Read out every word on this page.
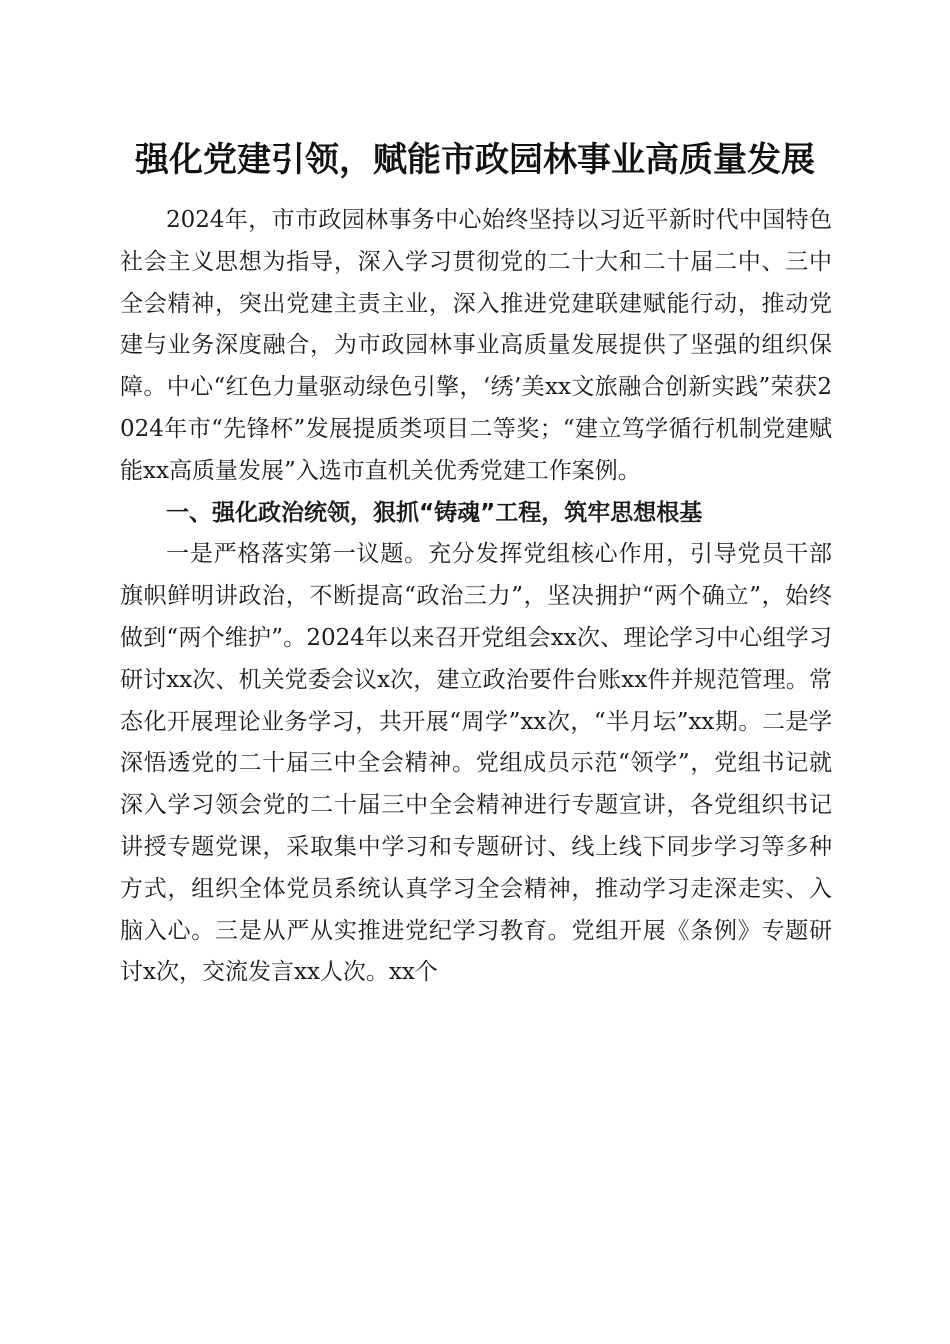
强化党建引领，赋能市政园林事业高质量发展

2024年，市市政园林事务中心始终坚持以习近平新时代中国特色社会主义思想为指导，深入学习贯彻党的二十大和二十届二中、三中全会精神，突出党建主责主业，深入推进党建联建赋能行动，推动党建与业务深度融合，为市政园林事业高质量发展提供了坚强的组织保障。中心“红色力量驱动绿色引擎，‘绣’美xx文旅融合创新实践”荣获2024年市“先锋杯”发展提质类项目二等奖；“建立笃学循行机制党建赋能xx高质量发展”入选市直机关优秀党建工作案例。

一、强化政治统领，狠抓“铸魂”工程，筑牢思想根基

一是严格落实第一议题。充分发挥党组核心作用，引导党员干部旗帜鲜明讲政治，不断提高“政治三力”，坚决拥护“两个确立”，始终做到“两个维护”。2024年以来召开党组会xx次、理论学习中心组学习研讨xx次、机关党委会议x次，建立政治要件台账xx件并规范管理。常态化开展理论业务学习，共开展“周学”xx次，“半月坛”xx期。二是学深悟透党的二十届三中全会精神。党组成员示范“领学”，党组书记就深入学习领会党的二十届三中全会精神进行专题宣讲，各党组织书记讲授专题党课，采取集中学习和专题研讨、线上线下同步学习等多种方式，组织全体党员系统认真学习全会精神，推动学习走深走实、入脑入心。三是从严从实推进党纪学习教育。党组开展《条例》专题研讨x次，交流发言xx人次。xx个
